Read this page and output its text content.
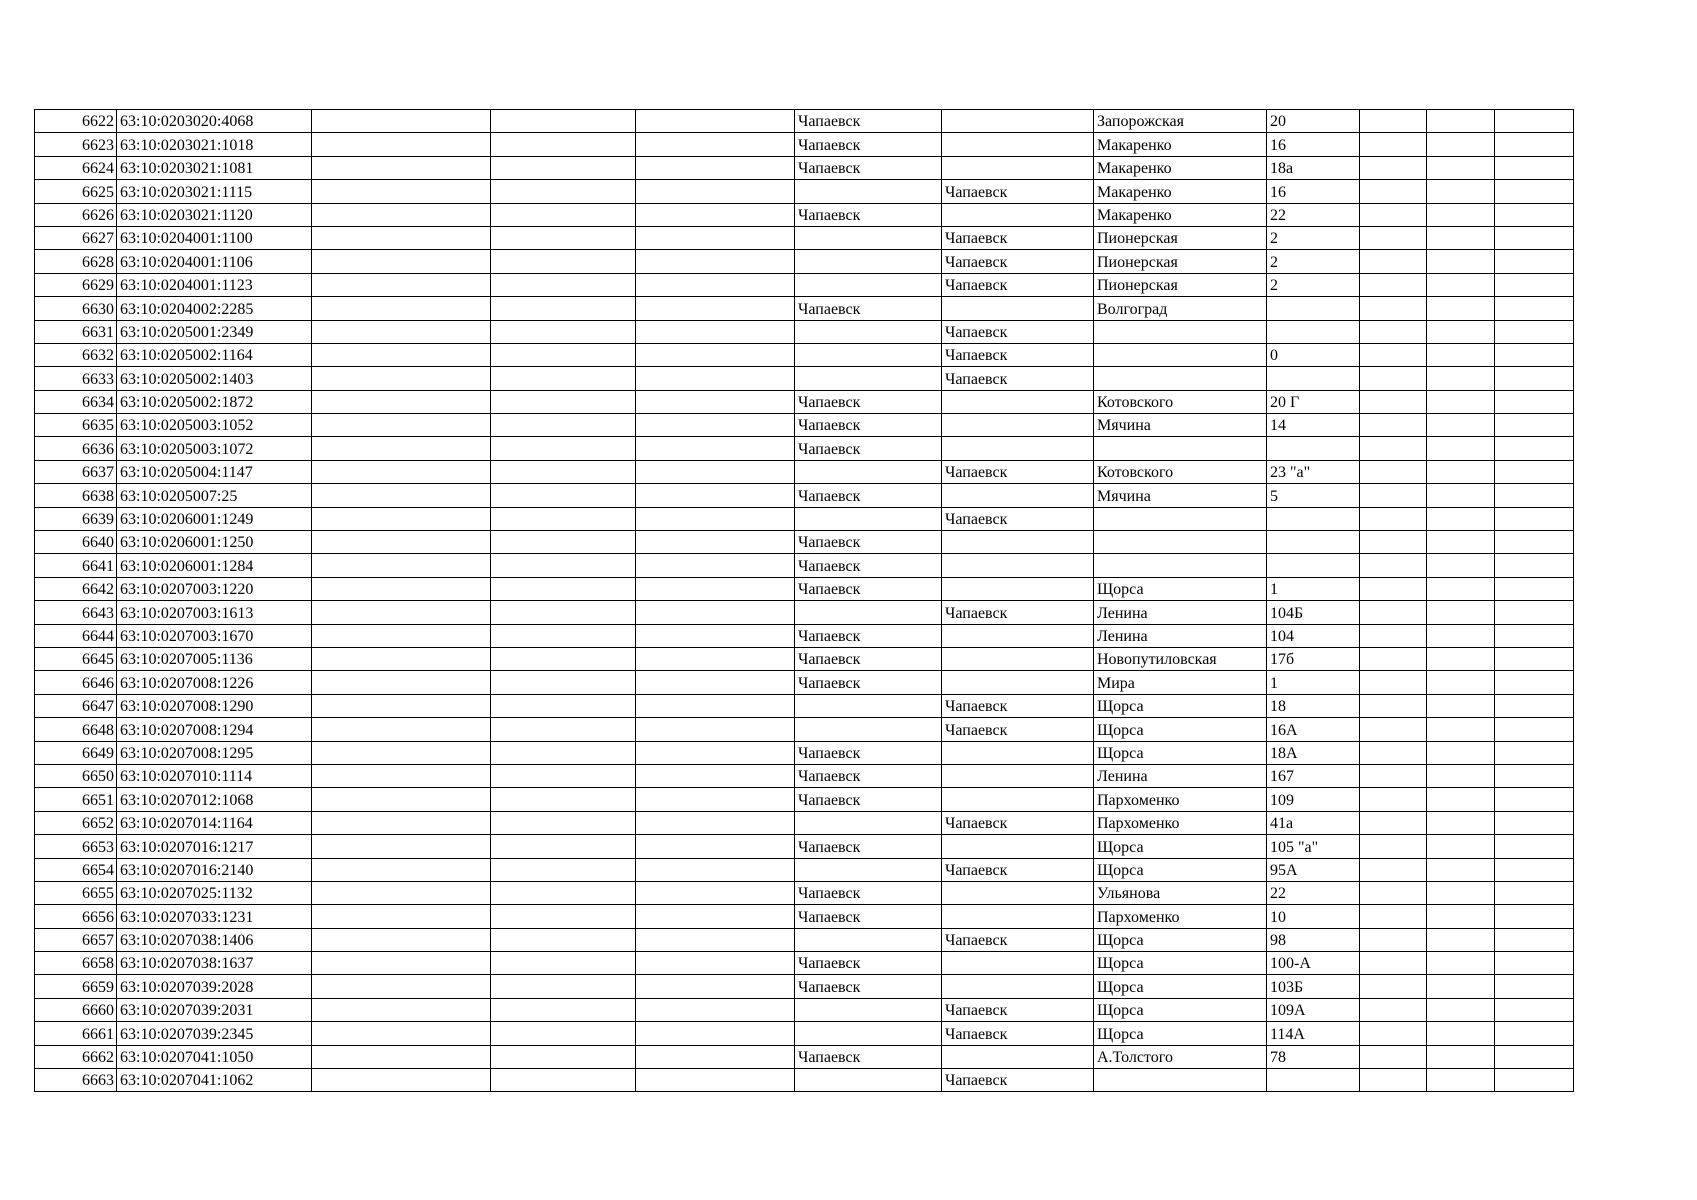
6622	63:10:0203020:4068				Чапаевск		Запорожская	20			
6623	63:10:0203021:1018				Чапаевск		Макаренко	16			
6624	63:10:0203021:1081				Чапаевск		Макаренко	18а			
6625	63:10:0203021:1115					Чапаевск	Макаренко	16			
6626	63:10:0203021:1120				Чапаевск		Макаренко	22			
6627	63:10:0204001:1100					Чапаевск	Пионерская	2			
6628	63:10:0204001:1106					Чапаевск	Пионерская	2			
6629	63:10:0204001:1123					Чапаевск	Пионерская	2			
6630	63:10:0204002:2285				Чапаевск		Волгоград				
6631	63:10:0205001:2349					Чапаевск					
6632	63:10:0205002:1164					Чапаевск		0			
6633	63:10:0205002:1403					Чапаевск					
6634	63:10:0205002:1872				Чапаевск		Котовского	20 Г			
6635	63:10:0205003:1052				Чапаевск		Мячина	14			
6636	63:10:0205003:1072				Чапаевск						
6637	63:10:0205004:1147					Чапаевск	Котовского	23 "а"			
6638	63:10:0205007:25				Чапаевск		Мячина	5			
6639	63:10:0206001:1249					Чапаевск					
6640	63:10:0206001:1250				Чапаевск						
6641	63:10:0206001:1284				Чапаевск						
6642	63:10:0207003:1220				Чапаевск		Щорса	1			
6643	63:10:0207003:1613					Чапаевск	Ленина	104Б			
6644	63:10:0207003:1670				Чапаевск		Ленина	104			
6645	63:10:0207005:1136				Чапаевск		Новопутиловская	17б			
6646	63:10:0207008:1226				Чапаевск		Мира	1			
6647	63:10:0207008:1290					Чапаевск	Щорса	18			
6648	63:10:0207008:1294					Чапаевск	Щорса	16А			
6649	63:10:0207008:1295				Чапаевск		Щорса	18А			
6650	63:10:0207010:1114				Чапаевск		Ленина	167			
6651	63:10:0207012:1068				Чапаевск		Пархоменко	109			
6652	63:10:0207014:1164					Чапаевск	Пархоменко	41а			
6653	63:10:0207016:1217				Чапаевск		Щорса	105 "а"			
6654	63:10:0207016:2140					Чапаевск	Щорса	95А			
6655	63:10:0207025:1132				Чапаевск		Ульянова	22			
6656	63:10:0207033:1231				Чапаевск		Пархоменко	10			
6657	63:10:0207038:1406					Чапаевск	Щорса	98			
6658	63:10:0207038:1637				Чапаевск		Щорса	100-А			
6659	63:10:0207039:2028				Чапаевск		Щорса	103Б			
6660	63:10:0207039:2031					Чапаевск	Щорса	109А			
6661	63:10:0207039:2345					Чапаевск	Щорса	114А			
6662	63:10:0207041:1050				Чапаевск		А.Толстого	78			
6663	63:10:0207041:1062					Чапаевск					
